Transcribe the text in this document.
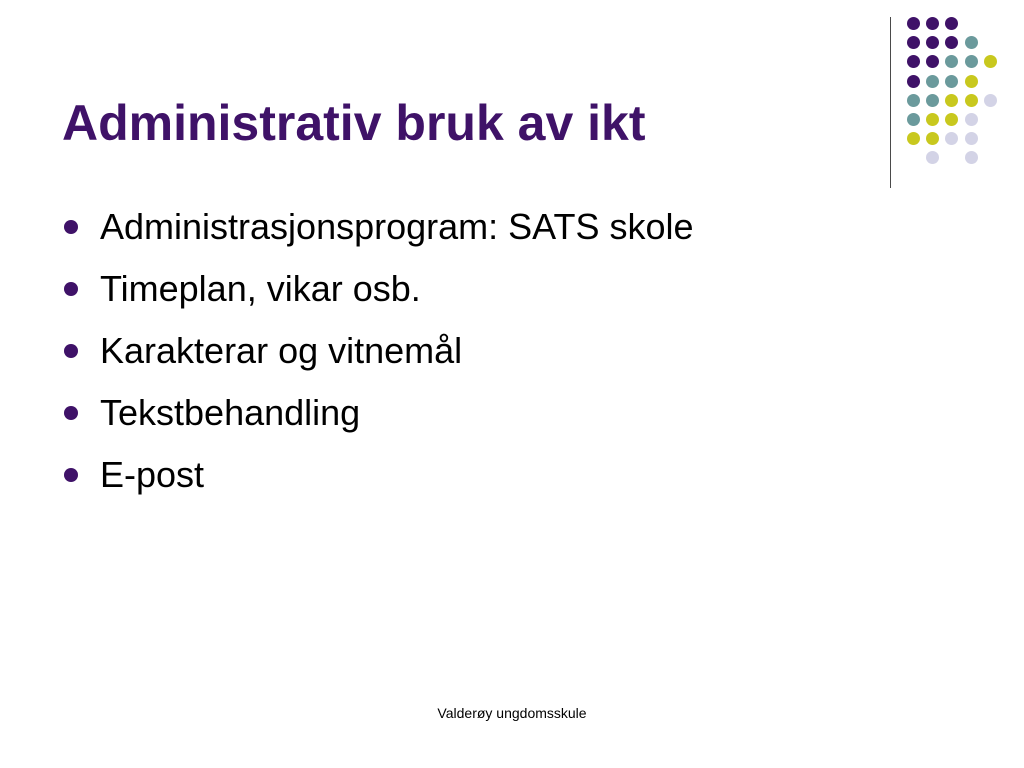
Administrativ bruk av ikt
Administrasjonsprogram: SATS skole
Timeplan, vikar osb.
Karakterar og vitnemål
Tekstbehandling
E-post
Valderøy ungdomsskule
